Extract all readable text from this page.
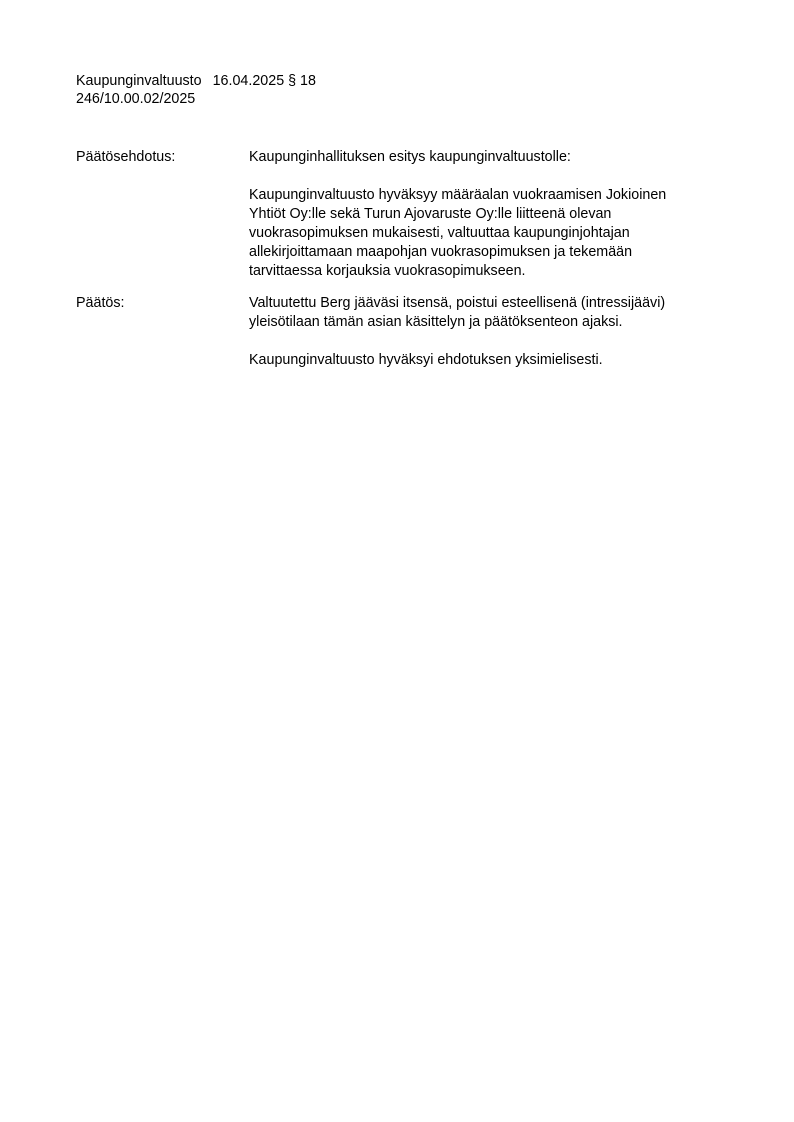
Kaupunginvaltuusto 16.04.2025 § 18
246/10.00.02/2025
Päätösehdotus:	Kaupunginhallituksen esitys kaupunginvaltuustolle:

Kaupunginvaltuusto hyväksyy määräalan vuokraamisen Jokioinen
Yhtiöt Oy:lle sekä Turun Ajovaruste Oy:lle liitteenä olevan
vuokrasopimuksen mukaisesti, valtuuttaa kaupunginjohtajan
allekirjoittamaan maapohjan vuokrasopimuksen ja tekemään
tarvittaessa korjauksia vuokrasopimukseen.

Päätös:	Valtuutettu Berg jääväsi itsensä, poistui esteellisenä (intressijäävi)
yleisötilaan tämän asian käsittelyn ja päätöksenteon ajaksi.

Kaupunginvaltuusto hyväksyi ehdotuksen yksimielisesti.
